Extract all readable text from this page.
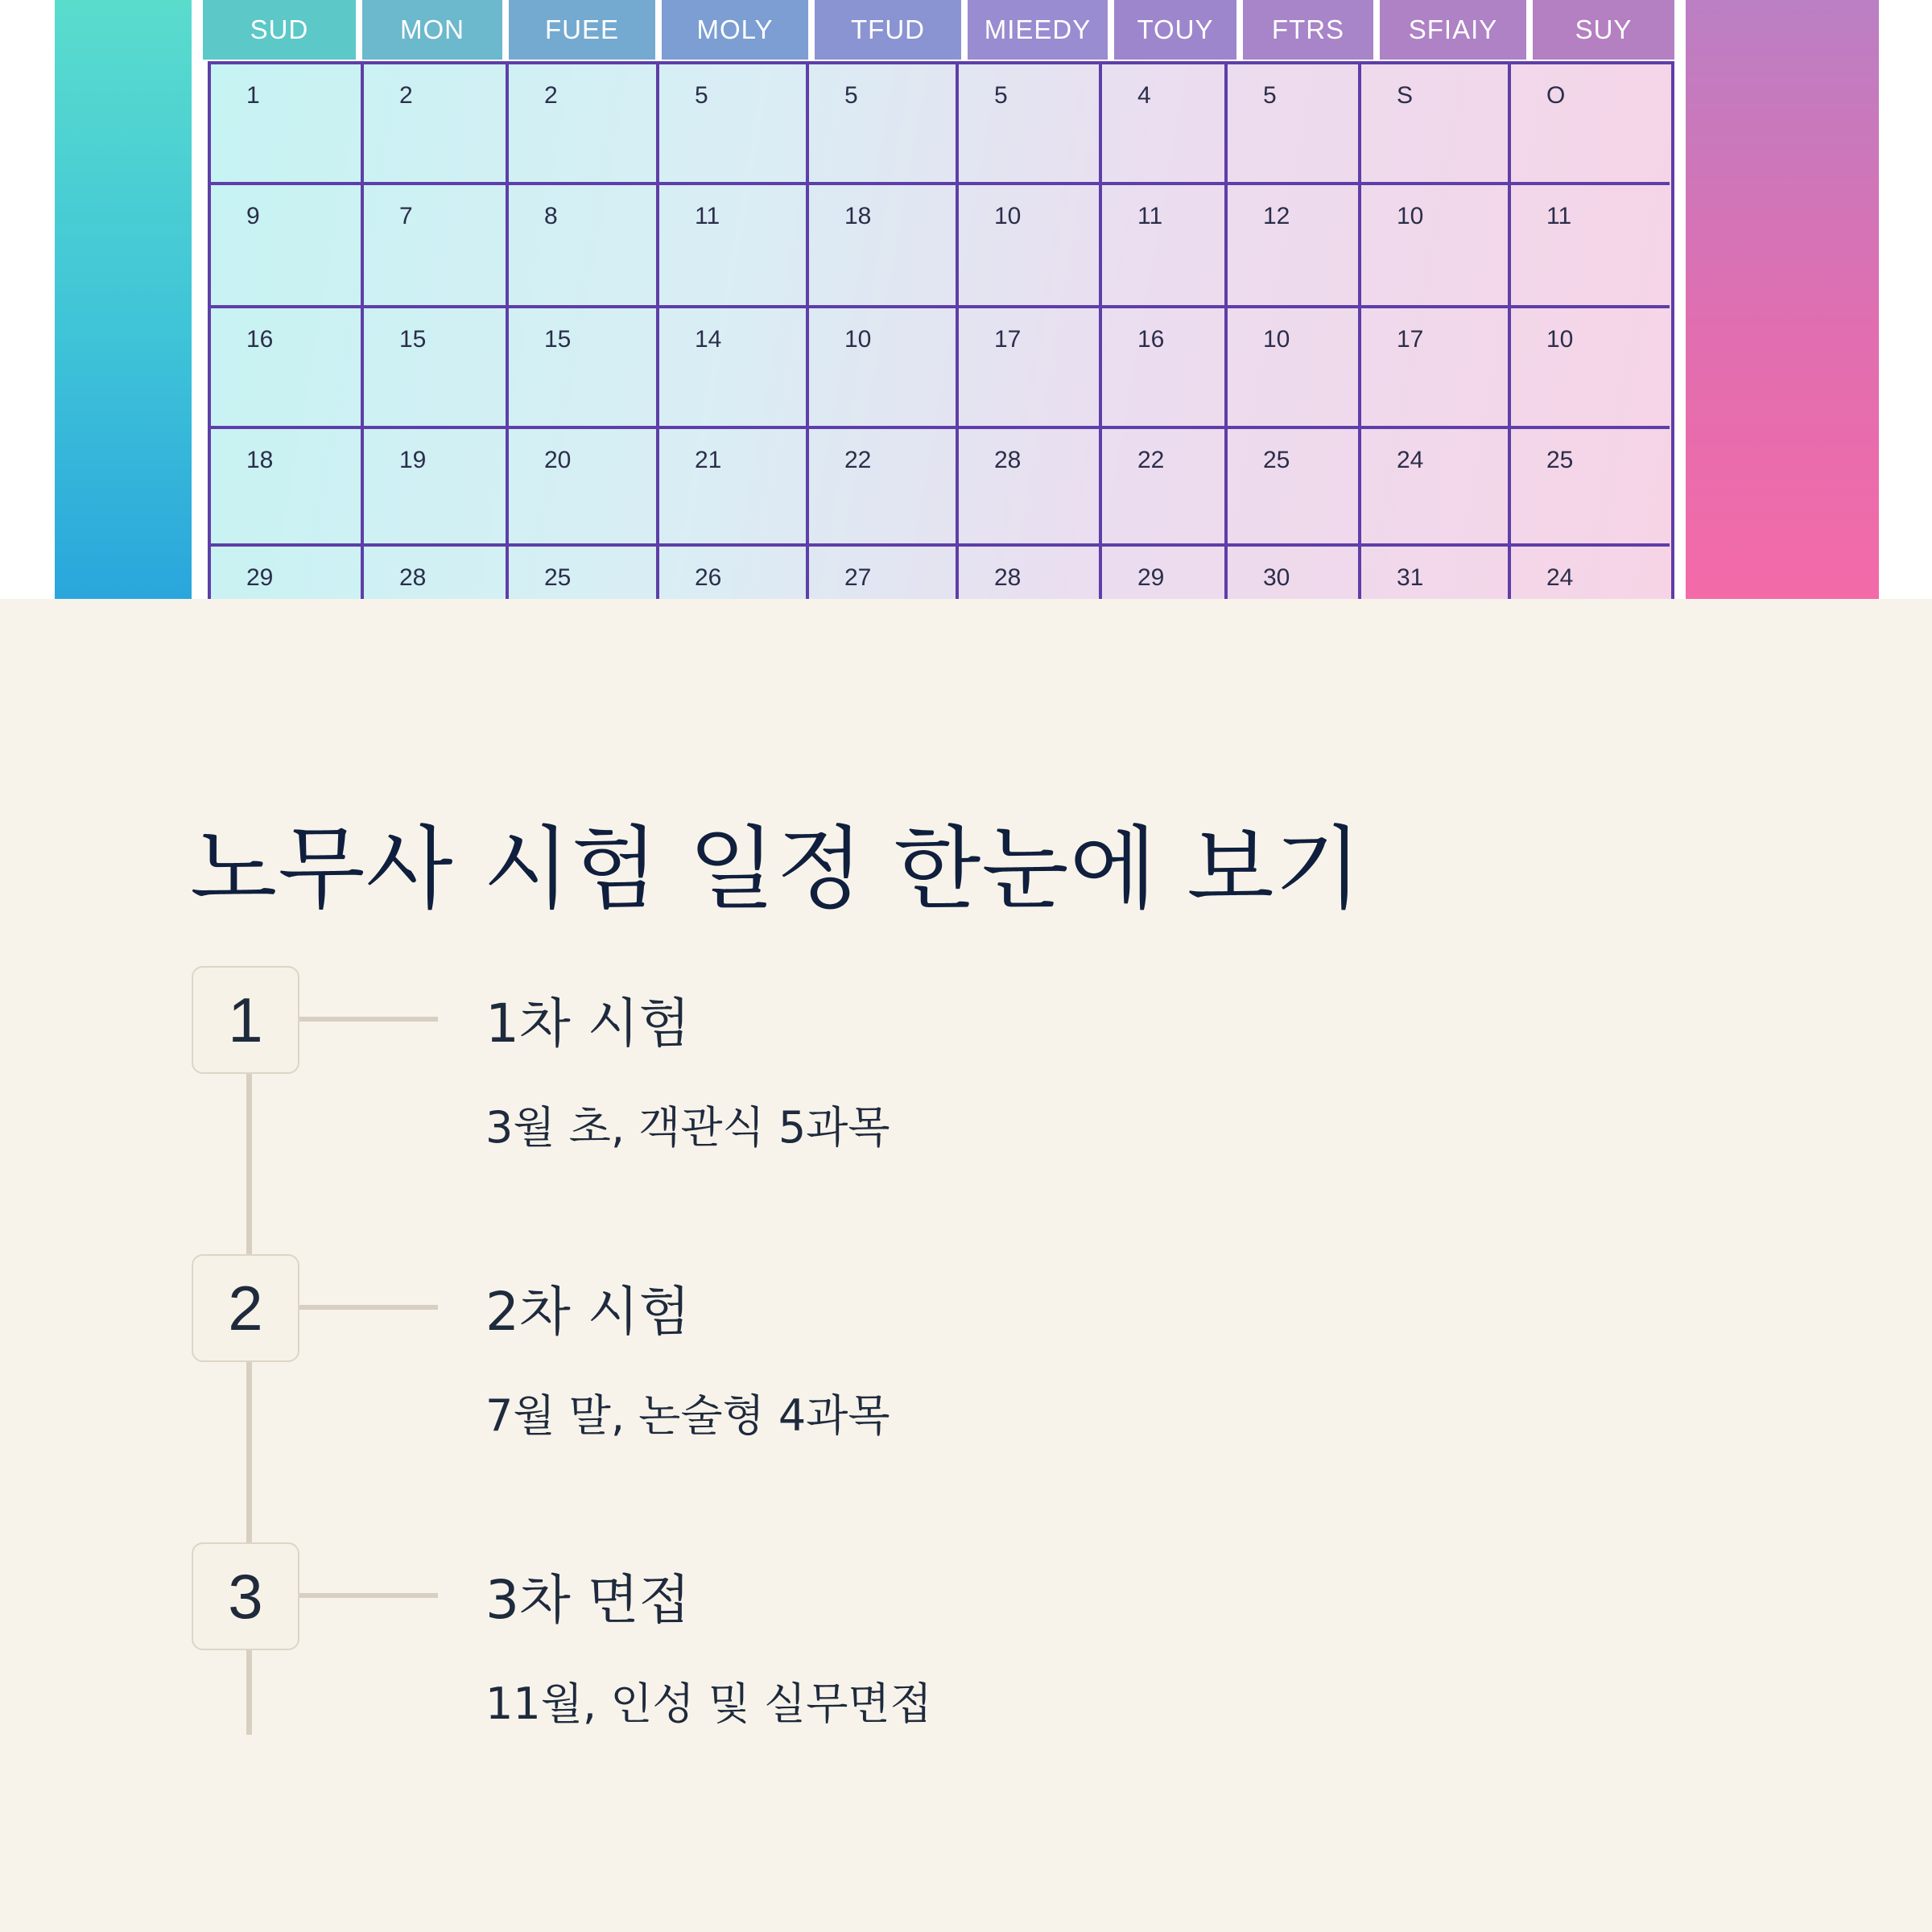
SUD	MON	FUEE	MOLY	TFUD	MIEEDY	TOUY	FTRS	SFIAIY	SUY
1	2	2	5	5	5	4	5	S	O
9	7	8	11	18	10	11	12	10	11
16	15	15	14	10	17	16	10	17	10
18	19	20	21	22	28	22	25	24	25
29	28	25	26	27	28	29	30	31	24
노무사 시험 일정 한눈에 보기
1	1차 시험
3월 초, 객관식 5과목
2	2차 시험
7월 말, 논술형 4과목
3	3차 면접
11월, 인성 및 실무면접
